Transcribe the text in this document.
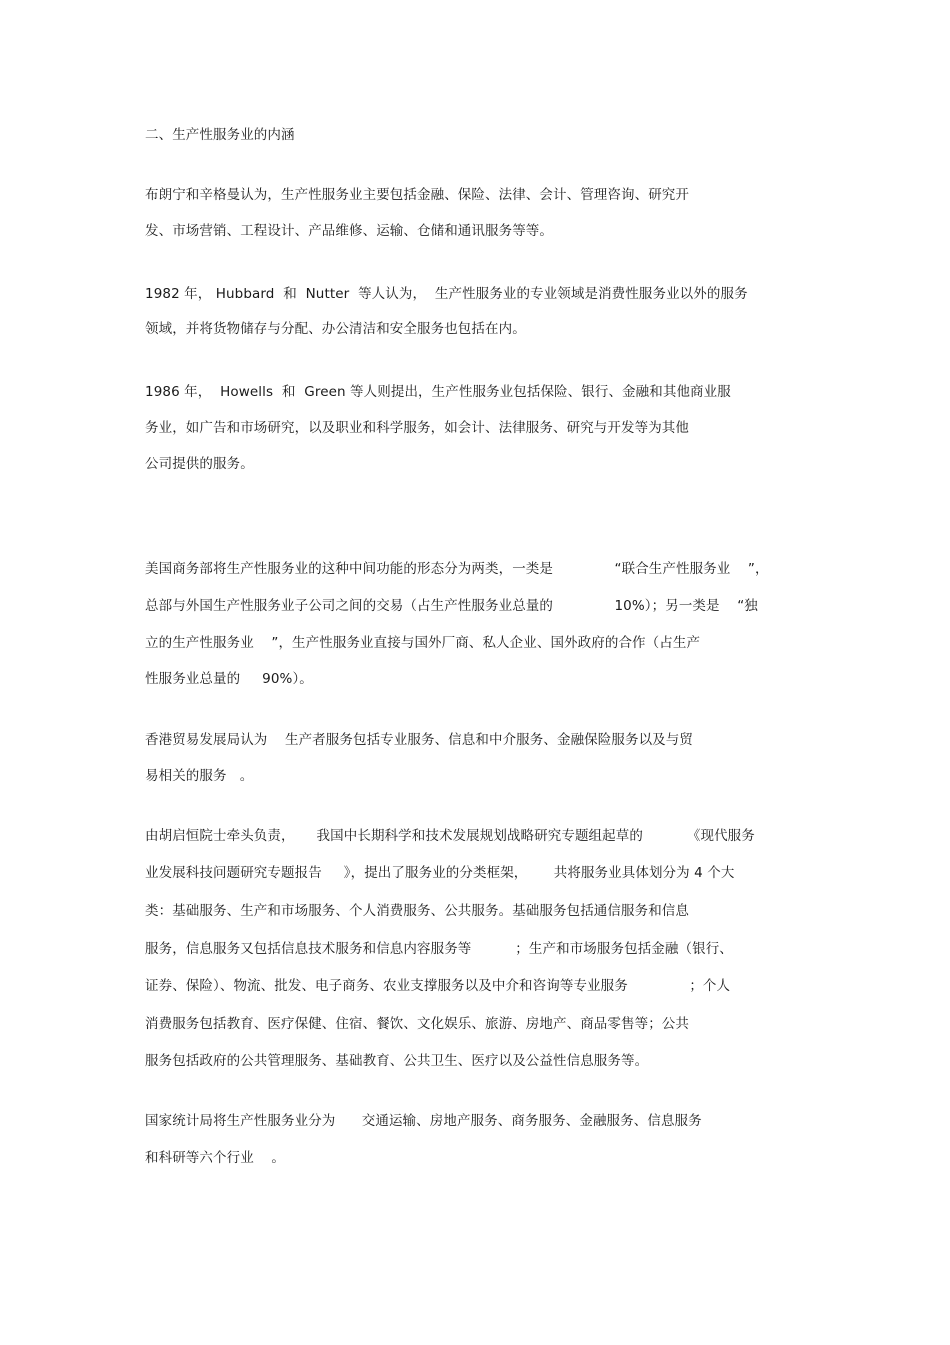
二、生产性服务业的内涵
布朗宁和辛格曼认为，生产性服务业主要包括金融、保险、法律、会计、管理咨询、研究开
发、市场营销、工程设计、产品维修、运输、仓储和通讯服务等等。
1982 年， Hubbard  和  Nutter  等人认为，  生产性服务业的专业领域是消费性服务业以外的服务
领域，并将货物储存与分配、办公清洁和安全服务也包括在内。
1986 年，  Howells  和  Green 等人则提出，生产性服务业包括保险、银行、金融和其他商业服
务业，如广告和市场研究，以及职业和科学服务，如会计、法律服务、研究与开发等为其他
公司提供的服务。
美国商务部将生产性服务业的这种中间功能的形态分为两类，一类是              “联合生产性服务业    ”，
总部与外国生产性服务业子公司之间的交易（占生产性服务业总量的              10%）；另一类是    “独
立的生产性服务业    ”，生产性服务业直接与国外厂商、私人企业、国外政府的合作（占生产
性服务业总量的     90%）。
香港贸易发展局认为    生产者服务包括专业服务、信息和中介服务、金融保险服务以及与贸
易相关的服务   。
由胡启恒院士牵头负责，     我国中长期科学和技术发展规划战略研究专题组起草的          《现代服务
业发展科技问题研究专题报告     》，提出了服务业的分类框架，      共将服务业具体划分为 4 个大
类：基础服务、生产和市场服务、个人消费服务、公共服务。基础服务包括通信服务和信息
服务，信息服务又包括信息技术服务和信息内容服务等          ；生产和市场服务包括金融（银行、
证券、保险）、物流、批发、电子商务、农业支撑服务以及中介和咨询等专业服务              ；个人
消费服务包括教育、医疗保健、住宿、餐饮、文化娱乐、旅游、房地产、商品零售等；公共
服务包括政府的公共管理服务、基础教育、公共卫生、医疗以及公益性信息服务等。
国家统计局将生产性服务业分为      交通运输、房地产服务、商务服务、金融服务、信息服务
和科研等六个行业    。
